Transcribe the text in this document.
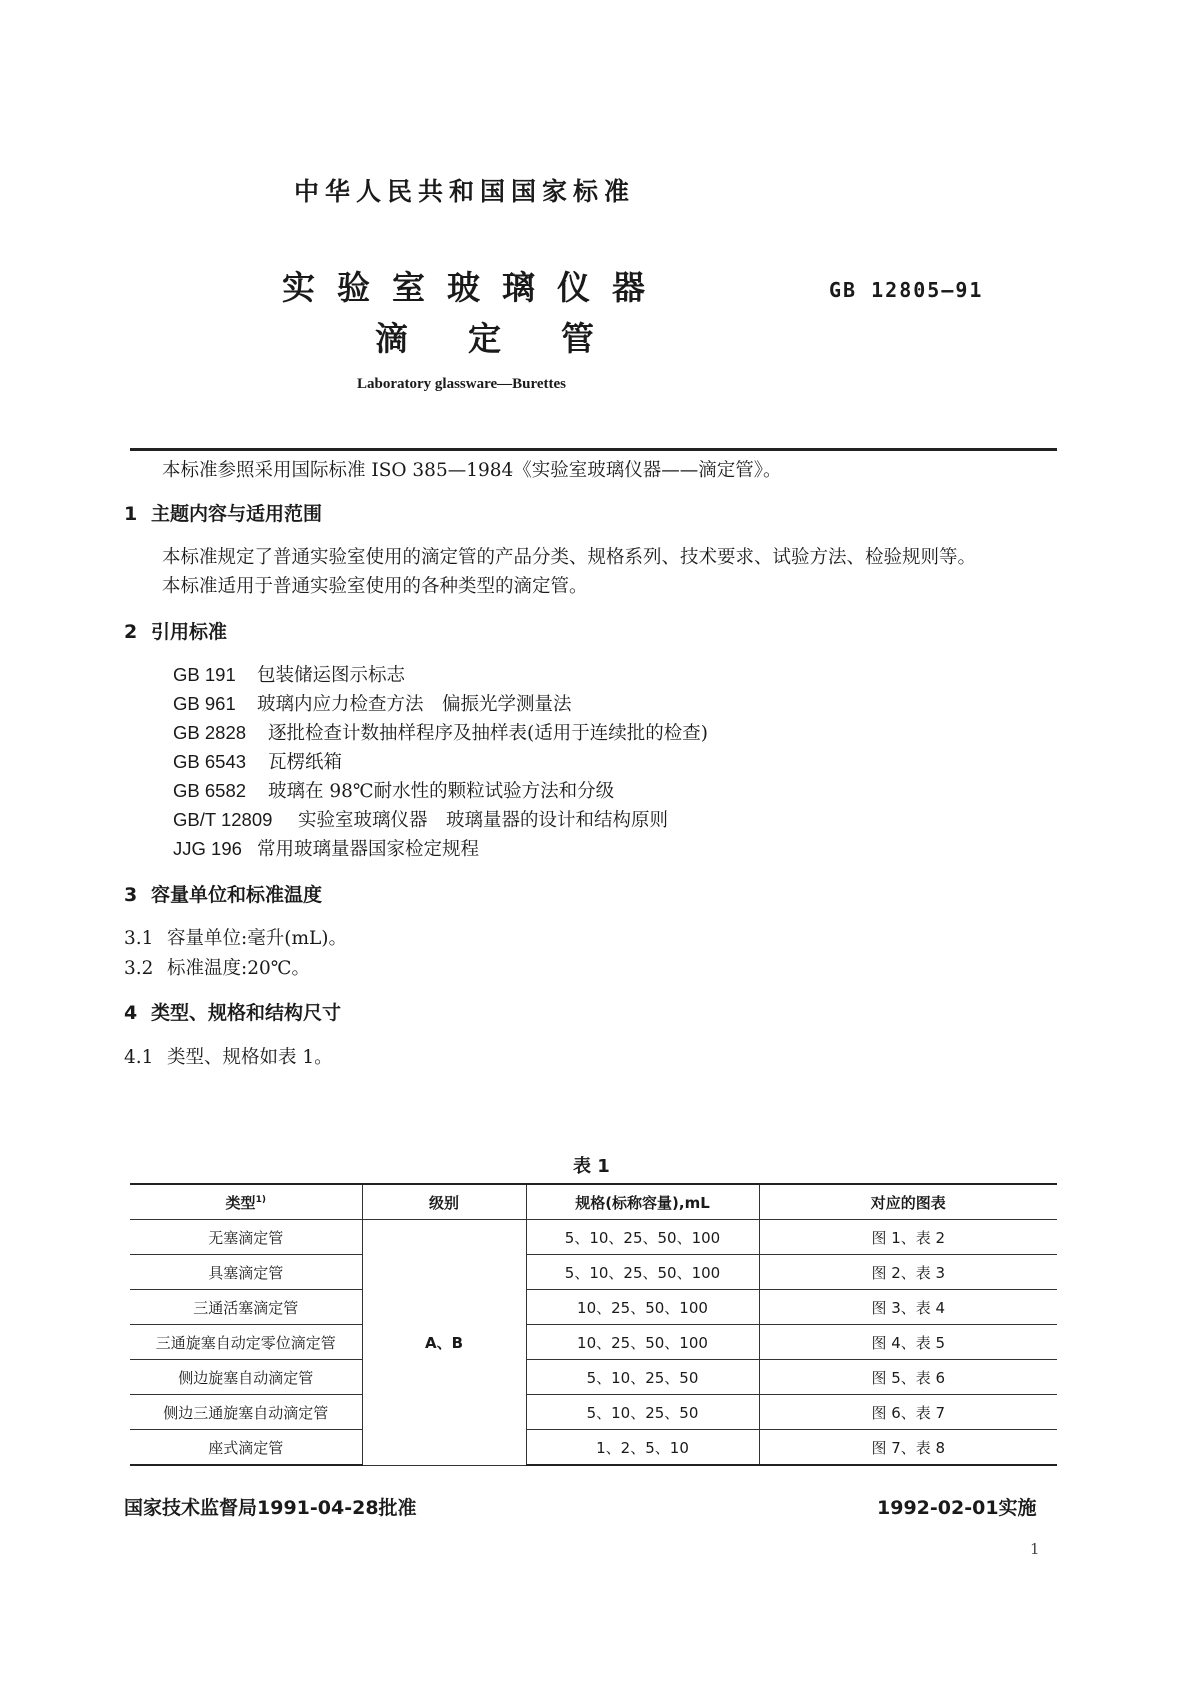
中华人民共和国国家标准
实验室玻璃仪器
滴定管
GB 12805—91
Laboratory glassware—Burettes
本标准参照采用国际标准 ISO 385—1984《实验室玻璃仪器——滴定管》。
1 主题内容与适用范围
本标准规定了普通实验室使用的滴定管的产品分类、规格系列、技术要求、试验方法、检验规则等。
本标准适用于普通实验室使用的各种类型的滴定管。
2 引用标准
GB 191 包装储运图示标志
GB 961 玻璃内应力检查方法　偏振光学测量法
GB 2828 逐批检查计数抽样程序及抽样表(适用于连续批的检查)
GB 6543 瓦楞纸箱
GB 6582 玻璃在 98℃耐水性的颗粒试验方法和分级
GB/T 12809 实验室玻璃仪器　玻璃量器的设计和结构原则
JJG 196 常用玻璃量器国家检定规程
3 容量单位和标准温度
3.1 容量单位:毫升(mL)。
3.2 标准温度:20℃。
4 类型、规格和结构尺寸
4.1 类型、规格如表 1。
表 1
类型$^{1)}$	级别	规格(标称容量),mL	对应的图表
无塞滴定管	A、B	5、10、25、50、100	图 1、表 2
具塞滴定管		5、10、25、50、100	图 2、表 3
三通活塞滴定管		10、25、50、100	图 3、表 4
三通旋塞自动定零位滴定管		10、25、50、100	图 4、表 5
侧边旋塞自动滴定管		5、10、25、50	图 5、表 6
侧边三通旋塞自动滴定管		5、10、25、50	图 6、表 7
座式滴定管		1、2、5、10	图 7、表 8
国家技术监督局1991-04-28批准	1992-02-01实施
1
